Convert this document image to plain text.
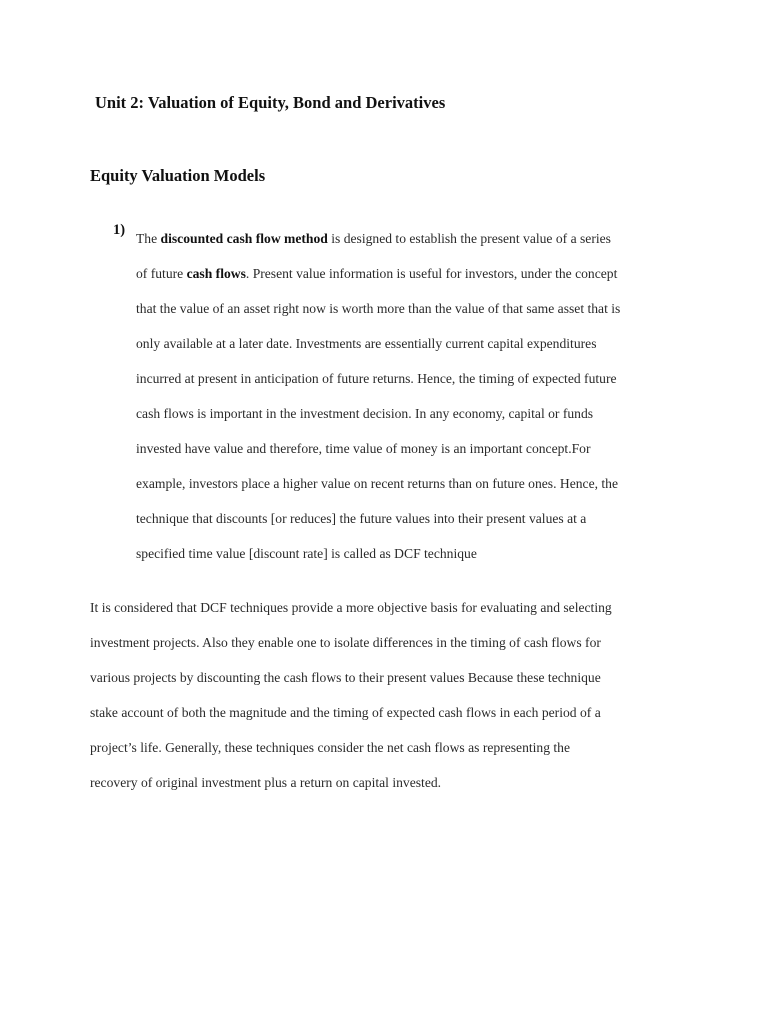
Unit 2: Valuation of Equity, Bond and Derivatives
Equity Valuation Models
1)
The discounted cash flow method is designed to establish the present value of a series
of future cash flows. Present value information is useful for investors, under the concept
that the value of an asset right now is worth more than the value of that same asset that is
only available at a later date. Investments are essentially current capital expenditures
incurred at present in anticipation of future returns. Hence, the timing of expected future
cash flows is important in the investment decision. In any economy, capital or funds
invested have value and therefore, time value of money is an important concept.For
example, investors place a higher value on recent returns than on future ones. Hence, the
technique that discounts [or reduces] the future values into their present values at a
specified time value [discount rate] is called as DCF technique

It is considered that DCF techniques provide a more objective basis for evaluating and selecting
investment projects. Also they enable one to isolate differences in the timing of cash flows for
various projects by discounting the cash flows to their present values Because these technique
stake account of both the magnitude and the timing of expected cash flows in each period of a
project’s life. Generally, these techniques consider the net cash flows as representing the
recovery of original investment plus a return on capital invested.
